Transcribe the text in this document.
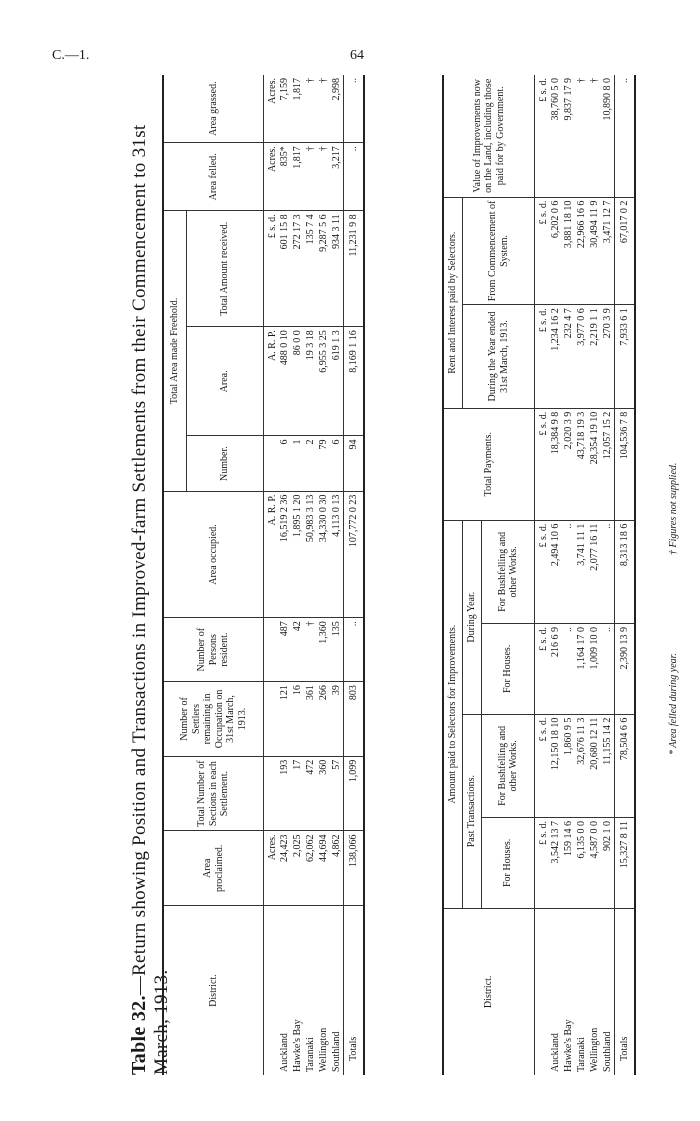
C.—1.	64
Table 32.—Return showing Position and Transactions in Improved-farm Settlements from their Commencement to 31st March, 1913.	District.	Area proclaimed.	Total Number of Sections in each Settlement.	Number of Settlers remaining in Occupation on 31st March, 1913.	Number of Persons resident.	Area occupied.	Total Area made Freehold.			Area felled.	Area grassed.
						Number.	Area.	Total Amount received.		
	Acres.				A. R. P.		A. R. P.	£ s. d.	Acres.	Acres.
Auckland	24,423	193	121	487	16,519 2 36	6	488 0 10	601 15 8	835*	7,159
Hawke's Bay	2,025	17	16	42	1,895 1 20	1	86 0 0	272 17 3	1,817	1,817
Taranaki	62,062	472	361	†	50,983 3 13	2	19 3 18	135 7 4	†	†
Wellington	44,694	360	266	1,360	34,330 0 30	79	6,955 3 25	9,287 5 6	†	†
Southland	4,862	57	39	135	4,113 0 13	6	619 1 3	934 3 11	3,217	2,998
Totals	138,066	1,099	803	..	107,772 0 23	94	8,169 1 16	11,231 9 8	..	..
District.	Amount paid to Selectors for Improvements.				Total Payments.	Rent and Interest paid by Selectors.		Value of Improvements now on the Land, including those paid for by Government.
	Past Transactions.		During Year.			During the Year ended 31st March, 1913.	From Commencement of System.	
	For Houses.	For Bushfelling and other Works.	For Houses.	For Bushfelling and other Works.				
	£ s. d.	£ s. d.	£ s. d.	£ s. d.	£ s. d.	£ s. d.	£ s. d.	£ s. d.
Auckland	3,542 13 7	12,150 18 10	216 6 9	2,494 10 6	18,384 9 8	1,234 16 2	6,202 0 6	38,760 5 0
Hawke's Bay	159 14 6	1,860 9 5	..	..	2,020 3 9	232 4 7	3,881 18 10	9,837 17 9
Taranaki	6,135 0 0	32,676 11 3	1,164 17 0	3,741 11 1	43,718 19 3	3,977 0 6	22,966 16 6	†
Wellington	4,587 0 0	20,680 12 11	1,009 10 0	2,077 16 11	28,354 19 10	2,219 1 1	30,494 11 9	†
Southland	902 1 0	11,155 14 2	..	..	12,057 15 2	270 3 9	3,471 12 7	10,890 8 0
Totals	15,327 8 11	78,504 6 6	2,390 13 9	8,313 18 6	104,536 7 8	7,933 6 1	67,017 0 2	..
* Area felled during year.
† Figures not supplied.
